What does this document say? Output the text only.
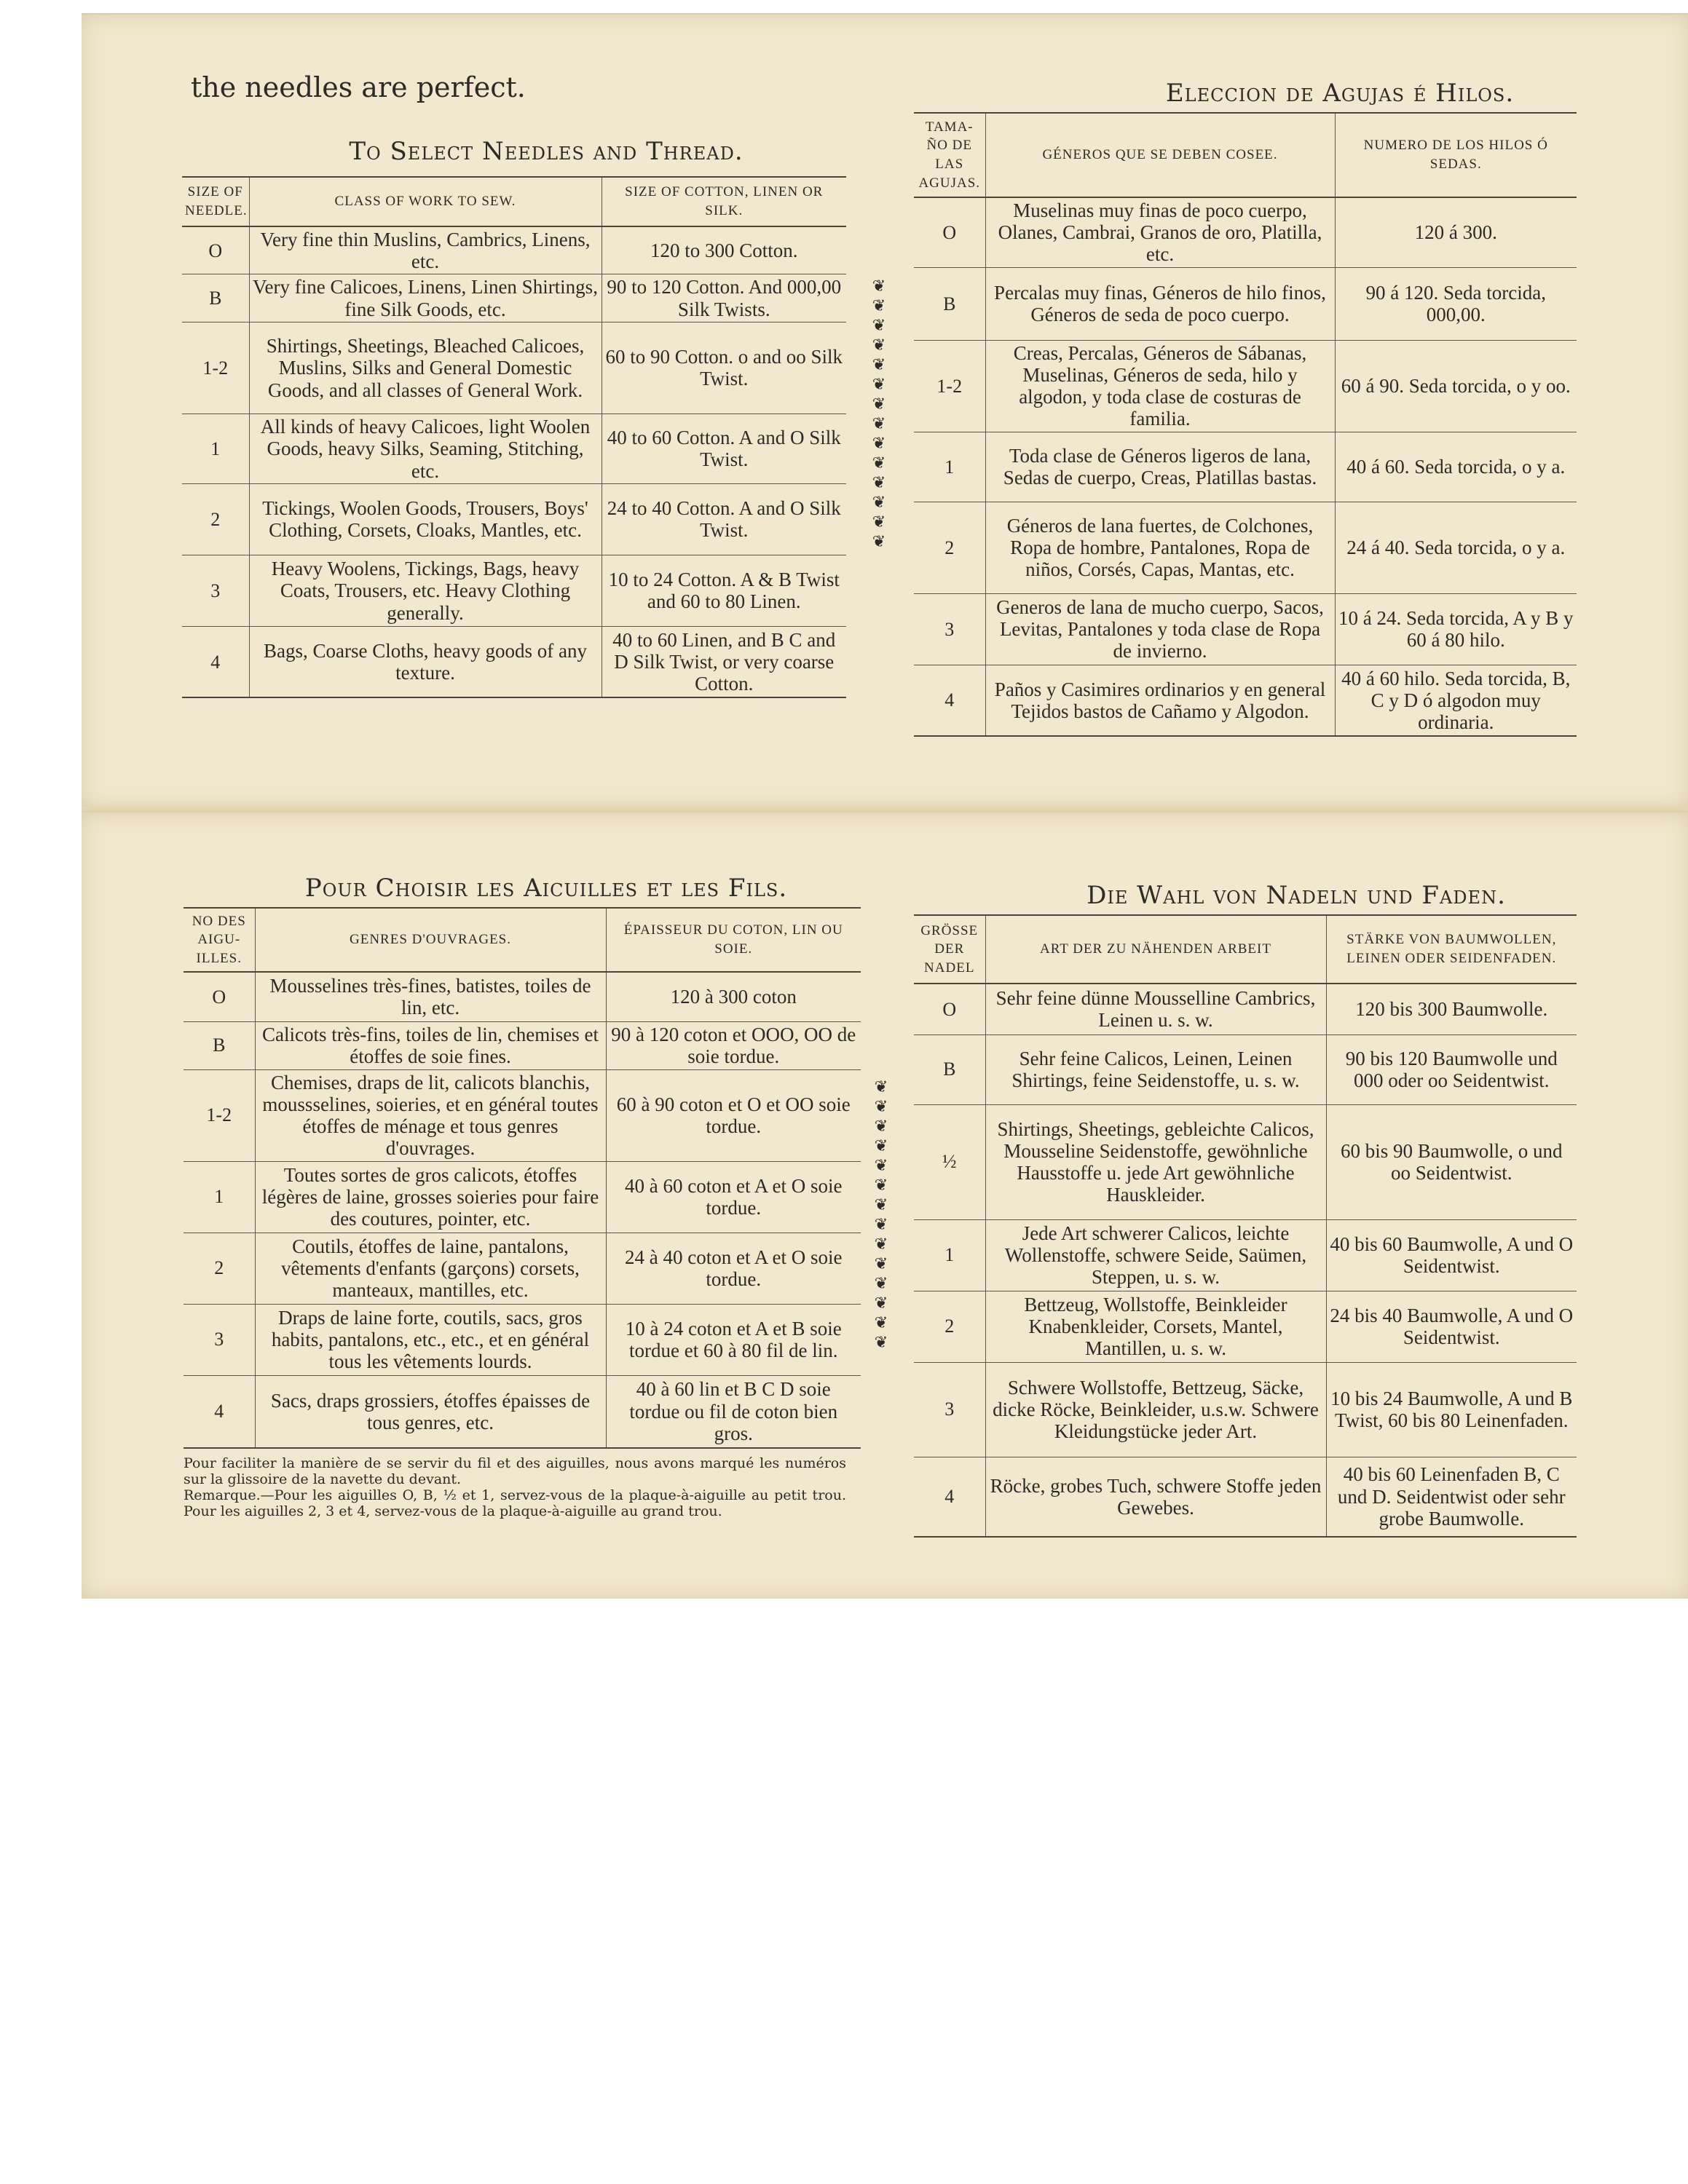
the needles are perfect.
To Select Needles and Thread.
SIZE OF NEEDLE.	CLASS OF WORK TO SEW.	SIZE OF COTTON, LINEN OR SILK.
O	Very fine thin Muslins, Cambrics, Linens, etc.	120 to 300 Cotton.
B	Very fine Calicoes, Linens, Linen Shirtings, fine Silk Goods, etc.	90 to 120 Cotton. And 000,00 Silk Twists.
1-2	Shirtings, Sheetings, Bleached Calicoes, Muslins, Silks and General Domestic Goods, and all classes of General Work.	60 to 90 Cotton. o and oo Silk Twist.
1	All kinds of heavy Calicoes, light Woolen Goods, heavy Silks, Seaming, Stitching, etc.	40 to 60 Cotton. A and O Silk Twist.
2	Tickings, Woolen Goods, Trousers, Boys' Clothing, Corsets, Cloaks, Mantles, etc.	24 to 40 Cotton. A and O Silk Twist.
3	Heavy Woolens, Tickings, Bags, heavy Coats, Trousers, etc. Heavy Clothing generally.	10 to 24 Cotton. A & B Twist and 60 to 80 Linen.
4	Bags, Coarse Cloths, heavy goods of any texture.	40 to 60 Linen, and B C and D Silk Twist, or very coarse Cotton.
❦
❦
❦
❦
❦
❦
❦
❦
❦
❦
❦
❦
❦
❦
Eleccion de Agujas é Hilos.
TAMA-ÑO DE LAS AGUJAS.	GÉNEROS QUE SE DEBEN COSEE.	NUMERO DE LOS HILOS Ó SEDAS.
O	Muselinas muy finas de poco cuerpo, Olanes, Cambrai, Granos de oro, Platilla, etc.	120 á 300.
B	Percalas muy finas, Géneros de hilo finos, Géneros de seda de poco cuerpo.	90 á 120. Seda torcida, 000,00.
1-2	Creas, Percalas, Géneros de Sábanas, Muselinas, Géneros de seda, hilo y algodon, y toda clase de costuras de familia.	60 á 90. Seda torcida, o y oo.
1	Toda clase de Géneros ligeros de lana, Sedas de cuerpo, Creas, Platillas bastas.	40 á 60. Seda torcida, o y a.
2	Géneros de lana fuertes, de Colchones, Ropa de hombre, Pantalones, Ropa de niños, Corsés, Capas, Mantas, etc.	24 á 40. Seda torcida, o y a.
3	Generos de lana de mucho cuerpo, Sacos, Levitas, Pantalones y toda clase de Ropa de invierno.	10 á 24. Seda torcida, A y B y 60 á 80 hilo.
4	Paños y Casimires ordinarios y en general Tejidos bastos de Cañamo y Algodon.	40 á 60 hilo. Seda torcida, B, C y D ó algodon muy ordinaria.
Pour Choisir les Aicuilles et les Fils.
NO DES AIGU-ILLES.	GENRES D'OUVRAGES.	ÉPAISSEUR DU COTON, LIN OU SOIE.
O	Mousselines très-fines, batistes, toiles de lin, etc.	120 à 300 coton
B	Calicots très-fins, toiles de lin, chemises et étoffes de soie fines.	90 à 120 coton et OOO, OO de soie tordue.
1-2	Chemises, draps de lit, calicots blanchis, moussselines, soieries, et en général toutes étoffes de ménage et tous genres d'ouvrages.	60 à 90 coton et O et OO soie tordue.
1	Toutes sortes de gros calicots, étoffes légères de laine, grosses soieries pour faire des coutures, pointer, etc.	40 à 60 coton et A et O soie tordue.
2	Coutils, étoffes de laine, pantalons, vêtements d'enfants (garçons) corsets, manteaux, mantilles, etc.	24 à 40 coton et A et O soie tordue.
3	Draps de laine forte, coutils, sacs, gros habits, pantalons, etc., etc., et en général tous les vêtements lourds.	10 à 24 coton et A et B soie tordue et 60 à 80 fil de lin.
4	Sacs, draps grossiers, étoffes épaisses de tous genres, etc.	40 à 60 lin et B C D soie tordue ou fil de coton bien gros.
Pour faciliter la manière de se servir du fil et des aiguilles, nous avons marqué les numéros sur la glissoire de la navette du devant.
Remarque.—Pour les aiguilles O, B, ½ et 1, servez-vous de la plaque-à-aiguille au petit trou. Pour les aiguilles 2, 3 et 4, servez-vous de la plaque-à-aiguille au grand trou.
❦
❦
❦
❦
❦
❦
❦
❦
❦
❦
❦
❦
❦
❦
Die Wahl von Nadeln und Faden.
GRÖSSE DER NADEL	ART DER ZU NÄHENDEN ARBEIT	STÄRKE VON BAUMWOLLEN, LEINEN ODER SEIDENFADEN.
O	Sehr feine dünne Mousselline Cambrics, Leinen u. s. w.	120 bis 300 Baumwolle.
B	Sehr feine Calicos, Leinen, Leinen Shirtings, feine Seidenstoffe, u. s. w.	90 bis 120 Baumwolle und 000 oder oo Seidentwist.
½	Shirtings, Sheetings, gebleichte Calicos, Mousseline Seidenstoffe, gewöhnliche Hausstoffe u. jede Art gewöhnliche Hauskleider.	60 bis 90 Baumwolle, o und oo Seidentwist.
1	Jede Art schwerer Calicos, leichte Wollenstoffe, schwere Seide, Saümen, Steppen, u. s. w.	40 bis 60 Baumwolle, A und O Seidentwist.
2	Bettzeug, Wollstoffe, Beinkleider Knabenkleider, Corsets, Mantel, Mantillen, u. s. w.	24 bis 40 Baumwolle, A und O Seidentwist.
3	Schwere Wollstoffe, Bettzeug, Säcke, dicke Röcke, Beinkleider, u.s.w. Schwere Kleidungstücke jeder Art.	10 bis 24 Baumwolle, A und B Twist, 60 bis 80 Leinenfaden.
4	Röcke, grobes Tuch, schwere Stoffe jeden Gewebes.	40 bis 60 Leinenfaden B, C und D. Seidentwist oder sehr grobe Baumwolle.
